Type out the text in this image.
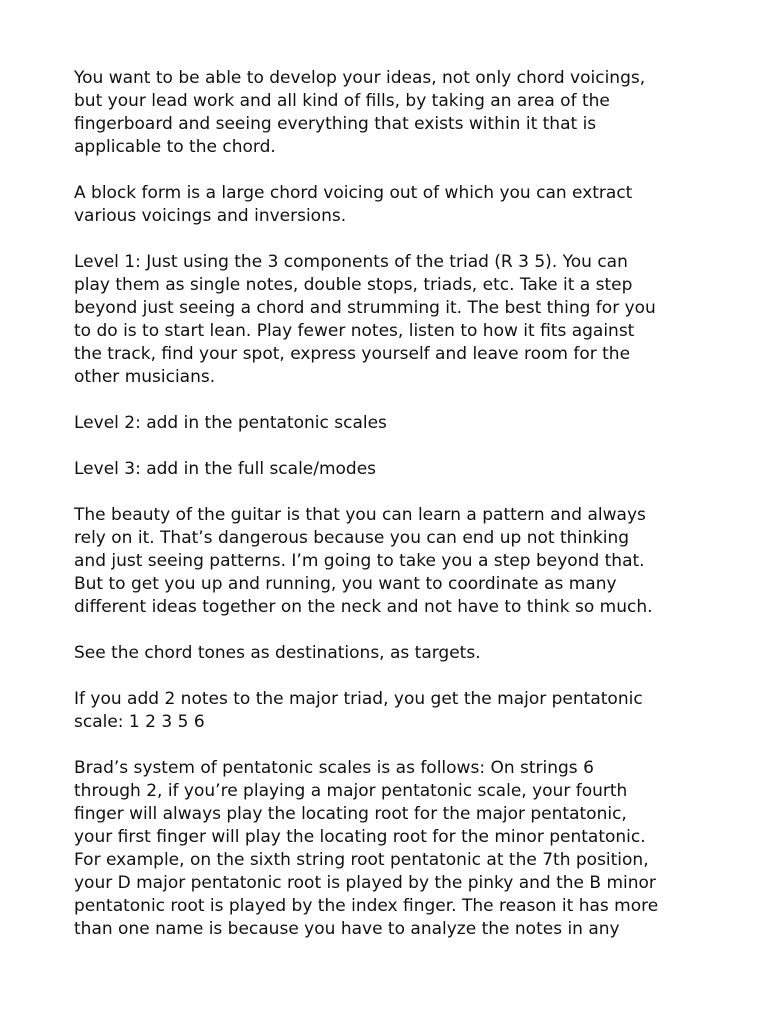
You want to be able to develop your ideas, not only chord voicings,
but your lead work and all kind of fills, by taking an area of the
fingerboard and seeing everything that exists within it that is
applicable to the chord.

A block form is a large chord voicing out of which you can extract
various voicings and inversions.

Level 1: Just using the 3 components of the triad (R 3 5). You can
play them as single notes, double stops, triads, etc. Take it a step
beyond just seeing a chord and strumming it. The best thing for you
to do is to start lean. Play fewer notes, listen to how it fits against
the track, find your spot, express yourself and leave room for the
other musicians.

Level 2: add in the pentatonic scales

Level 3: add in the full scale/modes

The beauty of the guitar is that you can learn a pattern and always
rely on it. That’s dangerous because you can end up not thinking
and just seeing patterns. I’m going to take you a step beyond that.
But to get you up and running, you want to coordinate as many
different ideas together on the neck and not have to think so much.

See the chord tones as destinations, as targets.

If you add 2 notes to the major triad, you get the major pentatonic
scale: 1 2 3 5 6

Brad’s system of pentatonic scales is as follows: On strings 6
through 2, if you’re playing a major pentatonic scale, your fourth
finger will always play the locating root for the major pentatonic,
your first finger will play the locating root for the minor pentatonic.
For example, on the sixth string root pentatonic at the 7th position,
your D major pentatonic root is played by the pinky and the B minor
pentatonic root is played by the index finger. The reason it has more
than one name is because you have to analyze the notes in any
